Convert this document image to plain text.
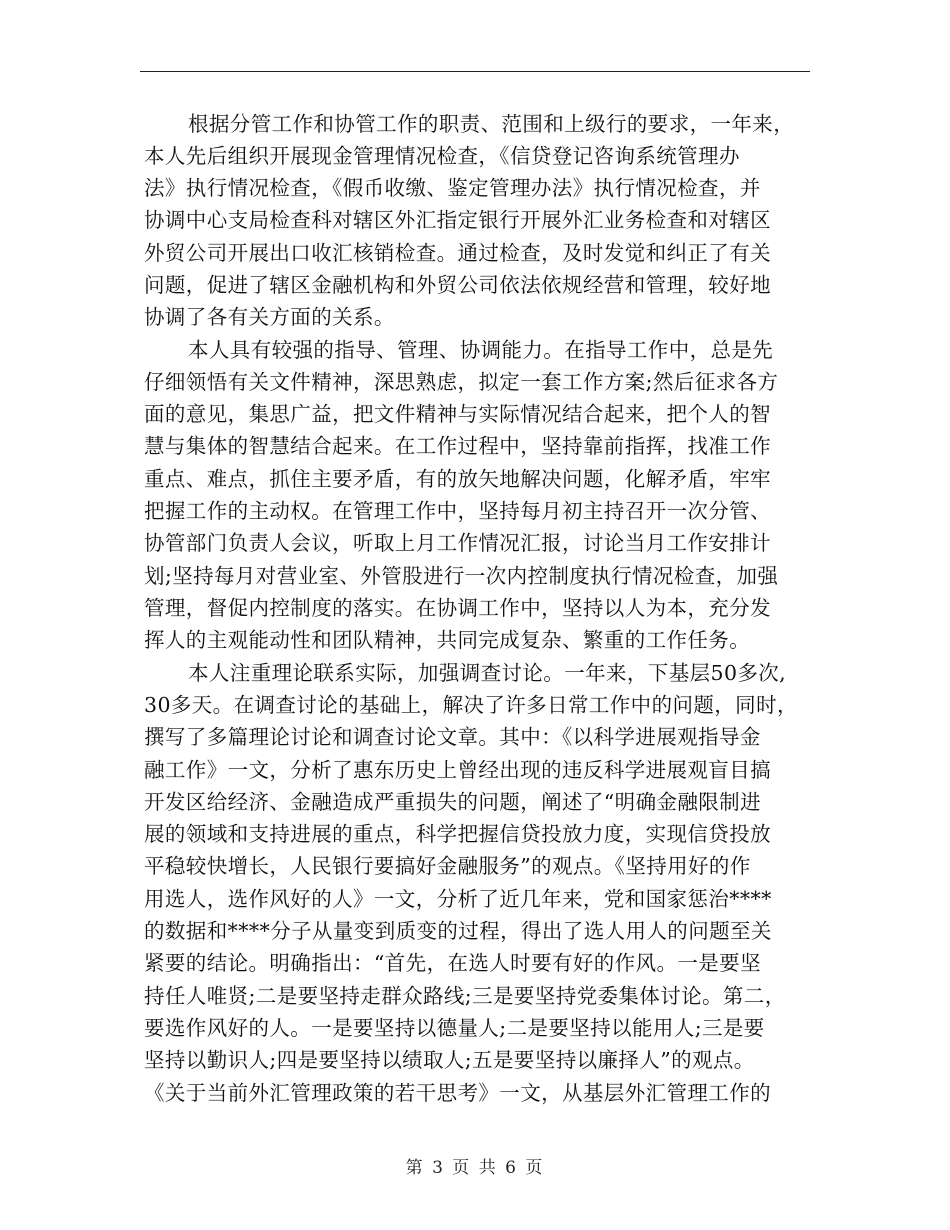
根据分管工作和协管工作的职责、范围和上级行的要求，一年来，
本人先后组织开展现金管理情况检查，《信贷登记咨询系统管理办
法》执行情况检查，《假币收缴、鉴定管理办法》执行情况检查，并
协调中心支局检查科对辖区外汇指定银行开展外汇业务检查和对辖区
外贸公司开展出口收汇核销检查。通过检查，及时发觉和纠正了有关
问题，促进了辖区金融机构和外贸公司依法依规经营和管理，较好地
协调了各有关方面的关系。
本人具有较强的指导、管理、协调能力。在指导工作中，总是先
仔细领悟有关文件精神，深思熟虑，拟定一套工作方案;然后征求各方
面的意见，集思广益，把文件精神与实际情况结合起来，把个人的智
慧与集体的智慧结合起来。在工作过程中，坚持靠前指挥，找准工作
重点、难点，抓住主要矛盾，有的放矢地解决问题，化解矛盾，牢牢
把握工作的主动权。在管理工作中，坚持每月初主持召开一次分管、
协管部门负责人会议，听取上月工作情况汇报，讨论当月工作安排计
划;坚持每月对营业室、外管股进行一次内控制度执行情况检查，加强
管理，督促内控制度的落实。在协调工作中，坚持以人为本，充分发
挥人的主观能动性和团队精神，共同完成复杂、繁重的工作任务。
本人注重理论联系实际，加强调查讨论。一年来，下基层50多次,
30多天。在调查讨论的基础上，解决了许多日常工作中的问题，同时，
撰写了多篇理论讨论和调查讨论文章。其中：《以科学进展观指导金
融工作》一文，分析了惠东历史上曾经出现的违反科学进展观盲目搞
开发区给经济、金融造成严重损失的问题，阐述了“明确金融限制进
展的领域和支持进展的重点，科学把握信贷投放力度，实现信贷投放
平稳较快增长，人民银行要搞好金融服务”的观点。《坚持用好的作
用选人，选作风好的人》一文，分析了近几年来，党和国家惩治****
的数据和****分子从量变到质变的过程，得出了选人用人的问题至关
紧要的结论。明确指出：“首先，在选人时要有好的作风。一是要坚
持任人唯贤;二是要坚持走群众路线;三是要坚持党委集体讨论。第二，
要选作风好的人。一是要坚持以德量人;二是要坚持以能用人;三是要
坚持以勤识人;四是要坚持以绩取人;五是要坚持以廉择人”的观点。
《关于当前外汇管理政策的若干思考》一文，从基层外汇管理工作的
第 3 页 共 6 页
